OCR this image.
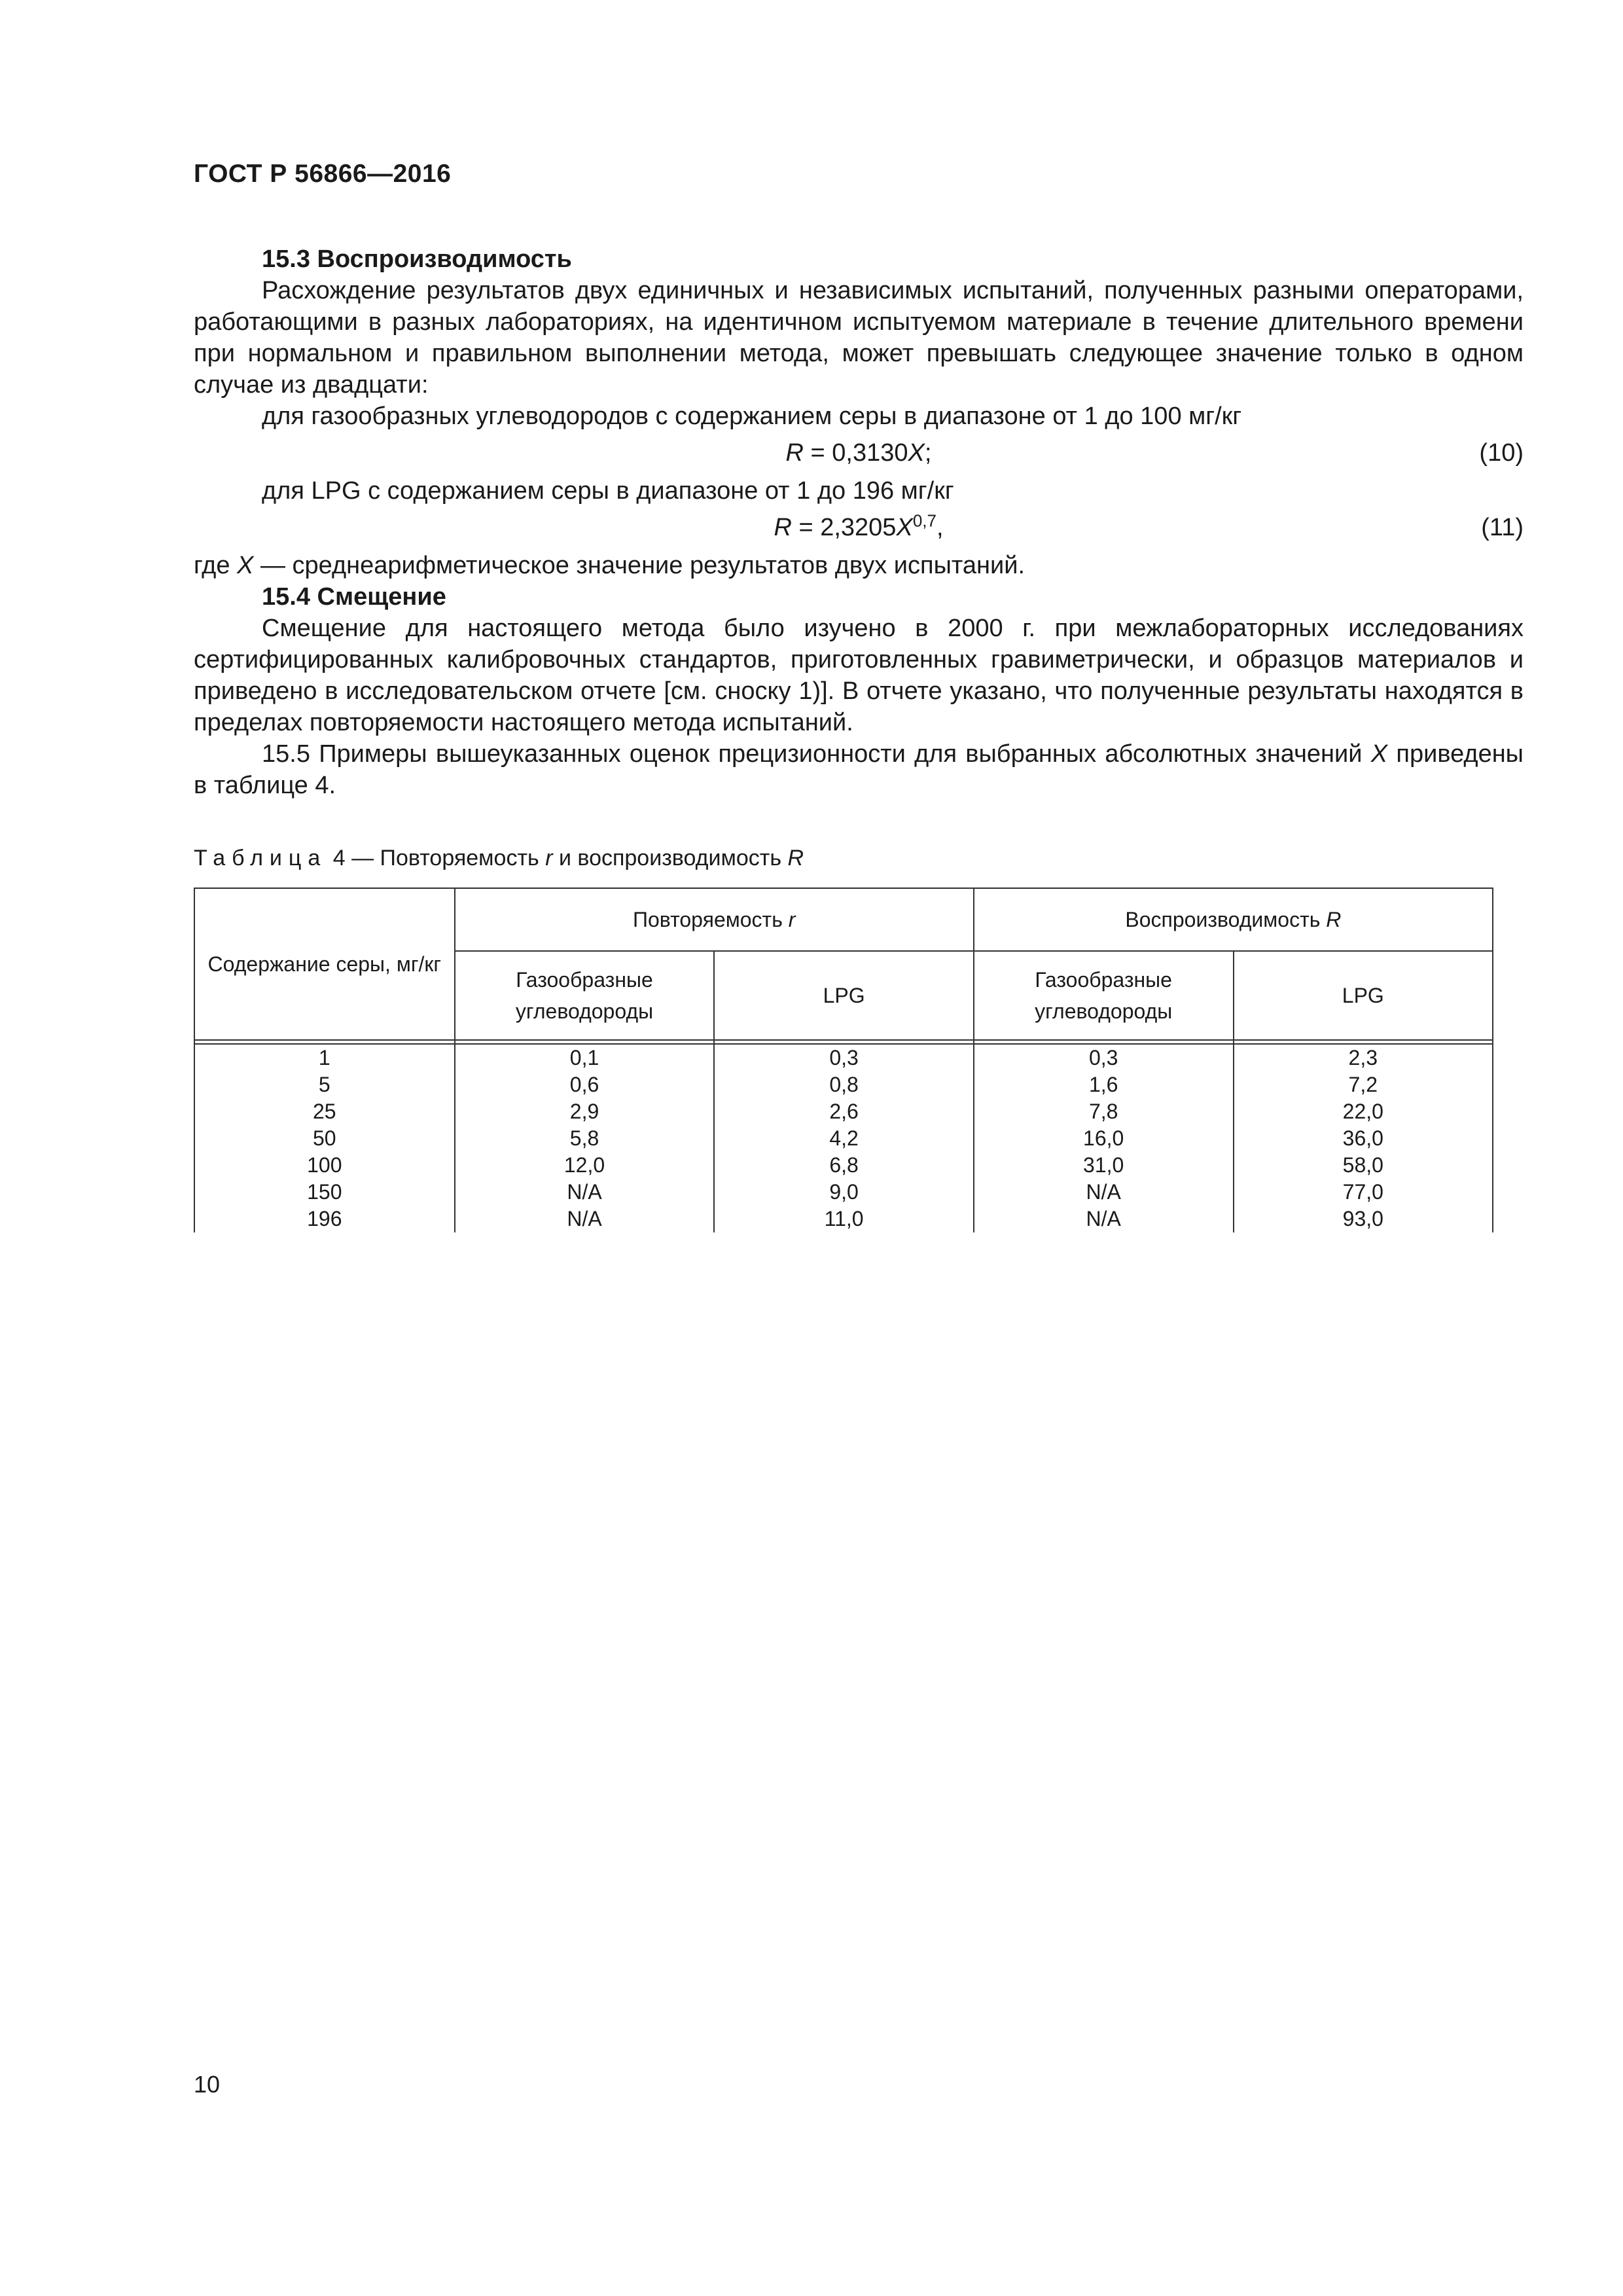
ГОСТ Р 56866—2016
15.3 Воспроизводимость

Расхождение результатов двух единичных и независимых испытаний, полученных разными операторами, работающими в разных лабораториях, на идентичном испытуемом материале в течение длительного времени при нормальном и правильном выполнении метода, может превышать следующее значение только в одном случае из двадцати:

для газообразных углеводородов с содержанием серы в диапазоне от 1 до 100 мг/кг
R = 0,3130X;	(10)
для LPG с содержанием серы в диапазоне от 1 до 196 мг/кг
$R = 2,3205X^{0,7}$,	(11)
где X — среднеарифметическое значение результатов двух испытаний.
15.4 Смещение

Смещение для настоящего метода было изучено в 2000 г. при межлабораторных исследованиях сертифицированных калибровочных стандартов, приготовленных гравиметрически, и образцов материалов и приведено в исследовательском отчете [см. сноску 1)]. В отчете указано, что полученные результаты находятся в пределах повторяемости настоящего метода испытаний.

15.5 Примеры вышеуказанных оценок прецизионности для выбранных абсолютных значений X приведены в таблице 4.

Таблица 4 — Повторяемость r и воспроизводимость R
Содержание серы, мг/кг	Повторяемость r		Воспроизводимость R	
	Газообразные углеводороды	LPG	Газообразные углеводороды	LPG

1	0,1	0,3	0,3	2,3
5	0,6	0,8	1,6	7,2
25	2,9	2,6	7,8	22,0
50	5,8	4,2	16,0	36,0
100	12,0	6,8	31,0	58,0
150	N/A	9,0	N/A	77,0
196	N/A	11,0	N/A	93,0
10
